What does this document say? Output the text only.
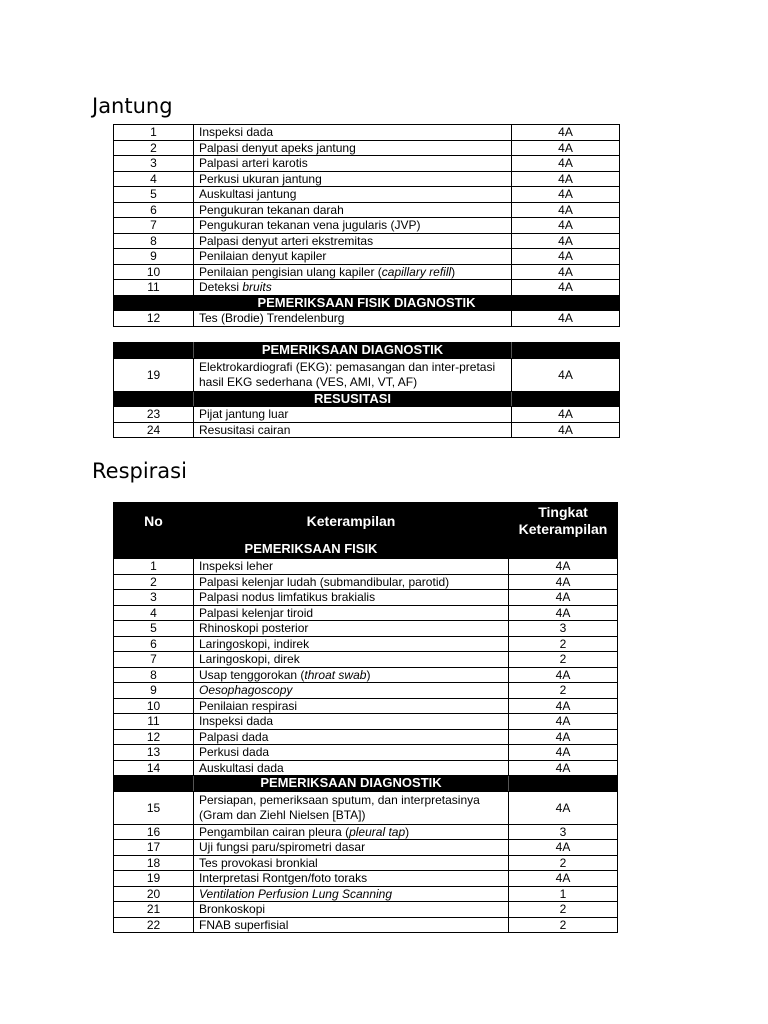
Jantung
1	Inspeksi dada	4A
2	Palpasi denyut apeks jantung	4A
3	Palpasi arteri karotis	4A
4	Perkusi ukuran jantung	4A
5	Auskultasi jantung	4A
6	Pengukuran tekanan darah	4A
7	Pengukuran tekanan vena jugularis (JVP)	4A
8	Palpasi denyut arteri ekstremitas	4A
9	Penilaian denyut kapiler	4A
10	Penilaian pengisian ulang kapiler (capillary refill)	4A
11	Deteksi bruits	4A
PEMERIKSAAN FISIK DIAGNOSTIK		
12	Tes (Brodie) Trendelenburg	4A
	PEMERIKSAAN DIAGNOSTIK	
19	Elektrokardiografi (EKG): pemasangan dan inter-pretasi hasil EKG sederhana (VES, AMI, VT, AF)	4A
	RESUSITASI	
23	Pijat jantung luar	4A
24	Resusitasi cairan	4A
Respirasi
No	Keterampilan	Tingkat Keterampilan
PEMERIKSAAN FISIK		
1	Inspeksi leher	4A
2	Palpasi kelenjar ludah (submandibular, parotid)	4A
3	Palpasi nodus limfatikus brakialis	4A
4	Palpasi kelenjar tiroid	4A
5	Rhinoskopi posterior	3
6	Laringoskopi, indirek	2
7	Laringoskopi, direk	2
8	Usap tenggorokan (throat swab)	4A
9	Oesophagoscopy	2
10	Penilaian respirasi	4A
11	Inspeksi dada	4A
12	Palpasi dada	4A
13	Perkusi dada	4A
14	Auskultasi dada	4A
	PEMERIKSAAN DIAGNOSTIK	
15	Persiapan, pemeriksaan sputum, dan interpretasinya (Gram dan Ziehl Nielsen [BTA])	4A
16	Pengambilan cairan pleura (pleural tap)	3
17	Uji fungsi paru/spirometri dasar	4A
18	Tes provokasi bronkial	2
19	Interpretasi Rontgen/foto toraks	4A
20	Ventilation Perfusion Lung Scanning	1
21	Bronkoskopi	2
22	FNAB superfisial	2
